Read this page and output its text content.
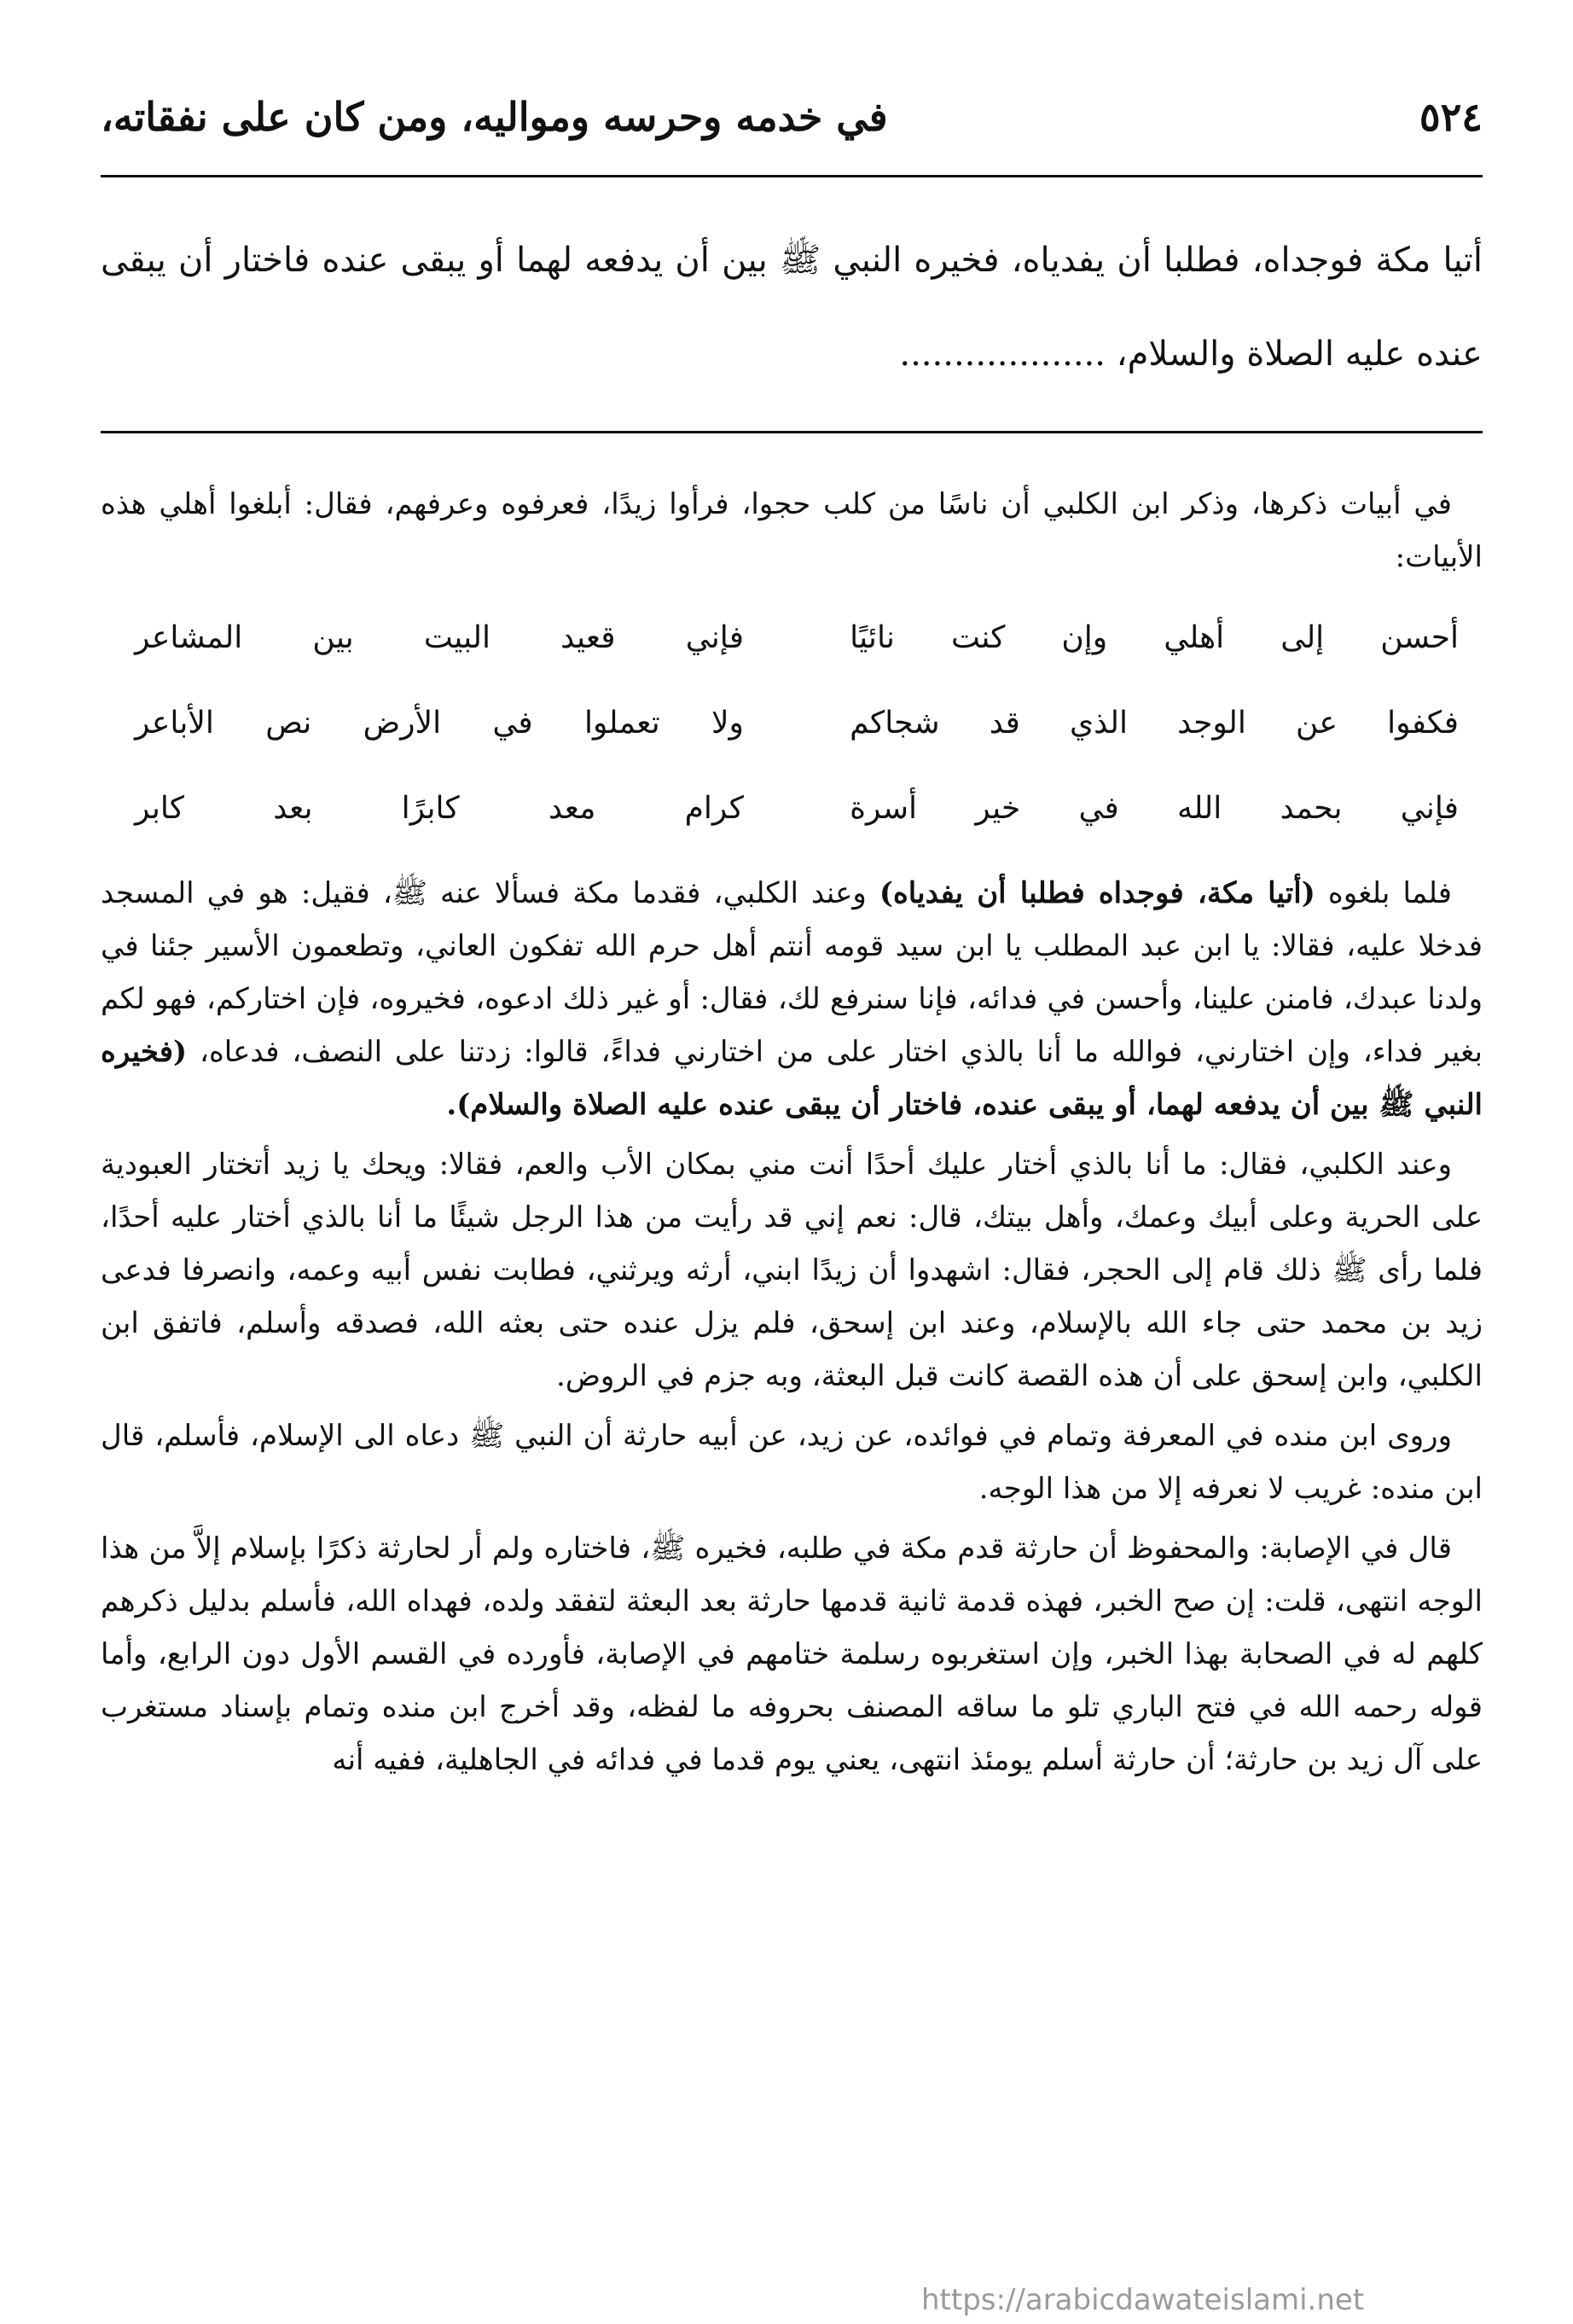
٥٢٤
في خدمه وحرسه ومواليه، ومن كان على نفقاته،
أتيا مكة فوجداه، فطلبا أن يفدياه، فخيره النبي ﷺ بين أن يدفعه لهما أو يبقى عنده فاختار أن يبقى عنده عليه الصلاة والسلام، ...................

في أبيات ذكرها، وذكر ابن الكلبي أن ناسًا من كلب حجوا، فرأوا زيدًا، فعرفوه وعرفهم، فقال: أبلغوا أهلي هذه الأبيات:

أحسن إلى أهلي وإن كنت نائيًا
فإني قعيد البيت بين المشاعر
فكفوا عن الوجد الذي قد شجاكم
ولا تعملوا في الأرض نص الأباعر
فإني بحمد الله في خير أسرة
كرام معد كابرًا بعد كابر

فلما بلغوه (أتيا مكة، فوجداه فطلبا أن يفدياه) وعند الكلبي، فقدما مكة فسألا عنه ﷺ، فقيل: هو في المسجد فدخلا عليه، فقالا: يا ابن عبد المطلب يا ابن سيد قومه أنتم أهل حرم الله تفكون العاني، وتطعمون الأسير جئنا في ولدنا عبدك، فامنن علينا، وأحسن في فدائه، فإنا سنرفع لك، فقال: أو غير ذلك ادعوه، فخيروه، فإن اختاركم، فهو لكم بغير فداء، وإن اختارني، فوالله ما أنا بالذي اختار على من اختارني فداءً، قالوا: زدتنا على النصف، فدعاه، (فخيره النبي ﷺ بين أن يدفعه لهما، أو يبقى عنده، فاختار أن يبقى عنده عليه الصلاة والسلام).

وعند الكلبي، فقال: ما أنا بالذي أختار عليك أحدًا أنت مني بمكان الأب والعم، فقالا: ويحك يا زيد أتختار العبودية على الحرية وعلى أبيك وعمك، وأهل بيتك، قال: نعم إني قد رأيت من هذا الرجل شيئًا ما أنا بالذي أختار عليه أحدًا، فلما رأى ﷺ ذلك قام إلى الحجر، فقال: اشهدوا أن زيدًا ابني، أرثه ويرثني، فطابت نفس أبيه وعمه، وانصرفا فدعى زيد بن محمد حتى جاء الله بالإسلام، وعند ابن إسحق، فلم يزل عنده حتى بعثه الله، فصدقه وأسلم، فاتفق ابن الكلبي، وابن إسحق على أن هذه القصة كانت قبل البعثة، وبه جزم في الروض.

وروى ابن منده في المعرفة وتمام في فوائده، عن زيد، عن أبيه حارثة أن النبي ﷺ دعاه الى الإسلام، فأسلم، قال ابن منده: غريب لا نعرفه إلا من هذا الوجه.

قال في الإصابة: والمحفوظ أن حارثة قدم مكة في طلبه، فخيره ﷺ، فاختاره ولم أر لحارثة ذكرًا بإسلام إلاَّ من هذا الوجه انتهى، قلت: إن صح الخبر، فهذه قدمة ثانية قدمها حارثة بعد البعثة لتفقد ولده، فهداه الله، فأسلم بدليل ذكرهم كلهم له في الصحابة بهذا الخبر، وإن استغربوه رسلمة ختامهم في الإصابة، فأورده في القسم الأول دون الرابع، وأما قوله رحمه الله في فتح الباري تلو ما ساقه المصنف بحروفه ما لفظه، وقد أخرج ابن منده وتمام بإسناد مستغرب على آل زيد بن حارثة؛ أن حارثة أسلم يومئذ انتهى، يعني يوم قدما في فدائه في الجاهلية، ففيه أنه

https://arabicdawateislami.net
